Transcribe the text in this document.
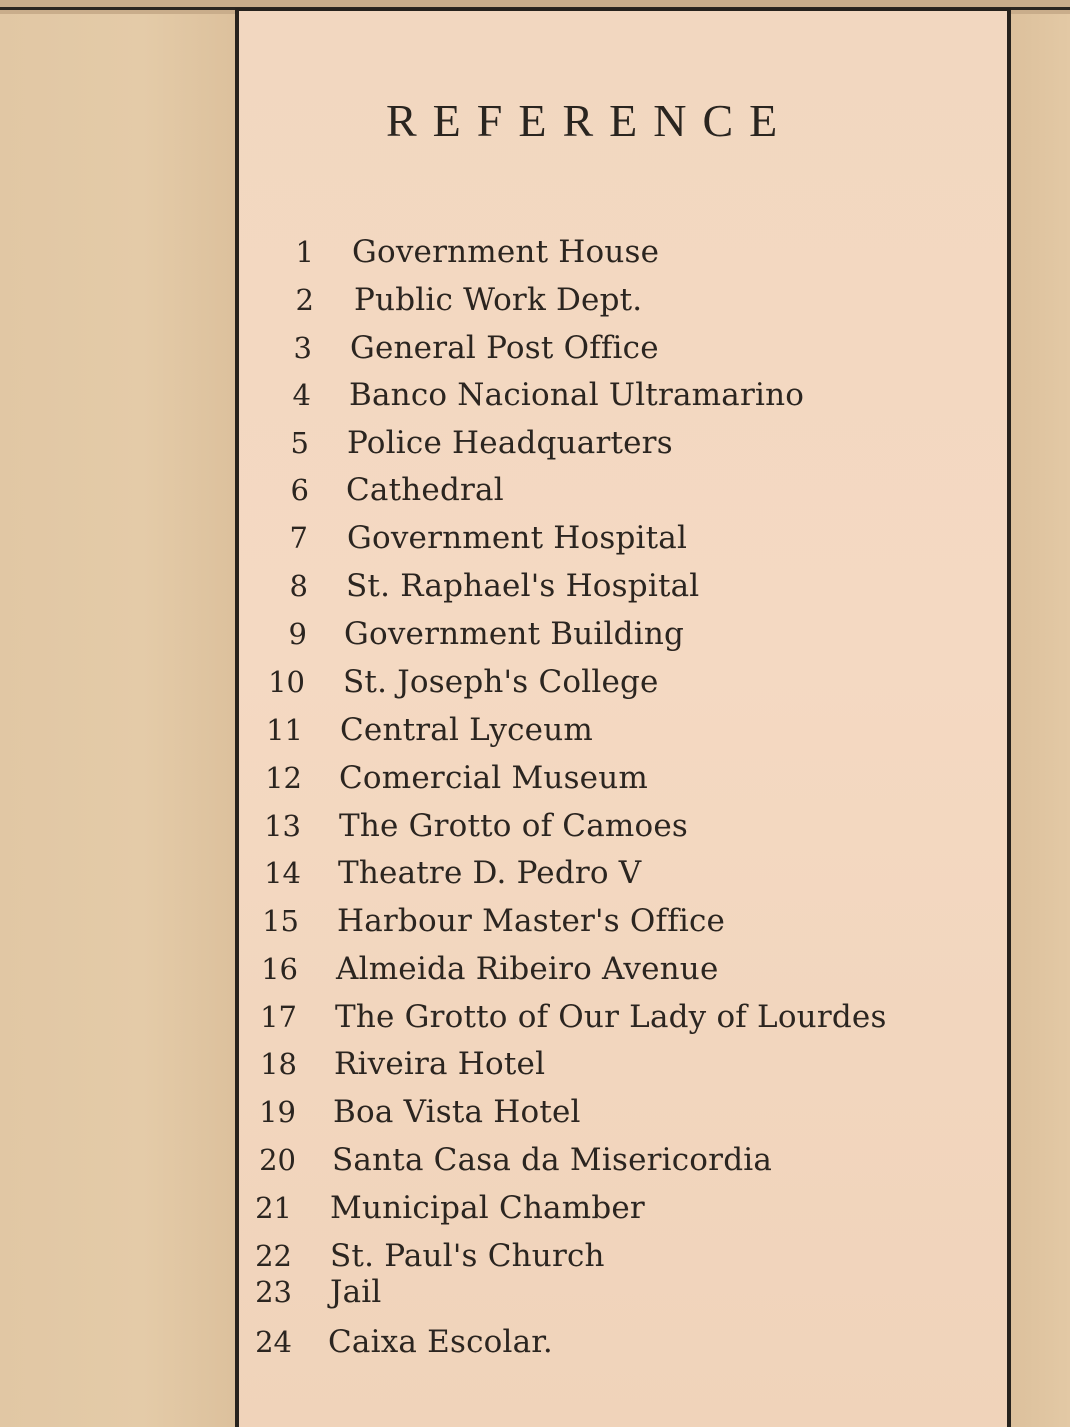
REFERENCE
1 Government House
2 Public Work Dept.
3 General Post Office
4 Banco Nacional Ultramarino
5 Police Headquarters
6 Cathedral
7 Government Hospital
8 St. Raphael's Hospital
9 Government Building
10 St. Joseph's College
11 Central Lyceum
12 Comercial Museum
13 The Grotto of Camoes
14 Theatre D. Pedro V
15 Harbour Master's Office
16 Almeida Ribeiro Avenue
17 The Grotto of Our Lady of Lourdes
18 Riveira Hotel
19 Boa Vista Hotel
20 Santa Casa da Misericordia
21 Municipal Chamber
22 St. Paul's Church
23 Jail
24 Caixa Escolar.
